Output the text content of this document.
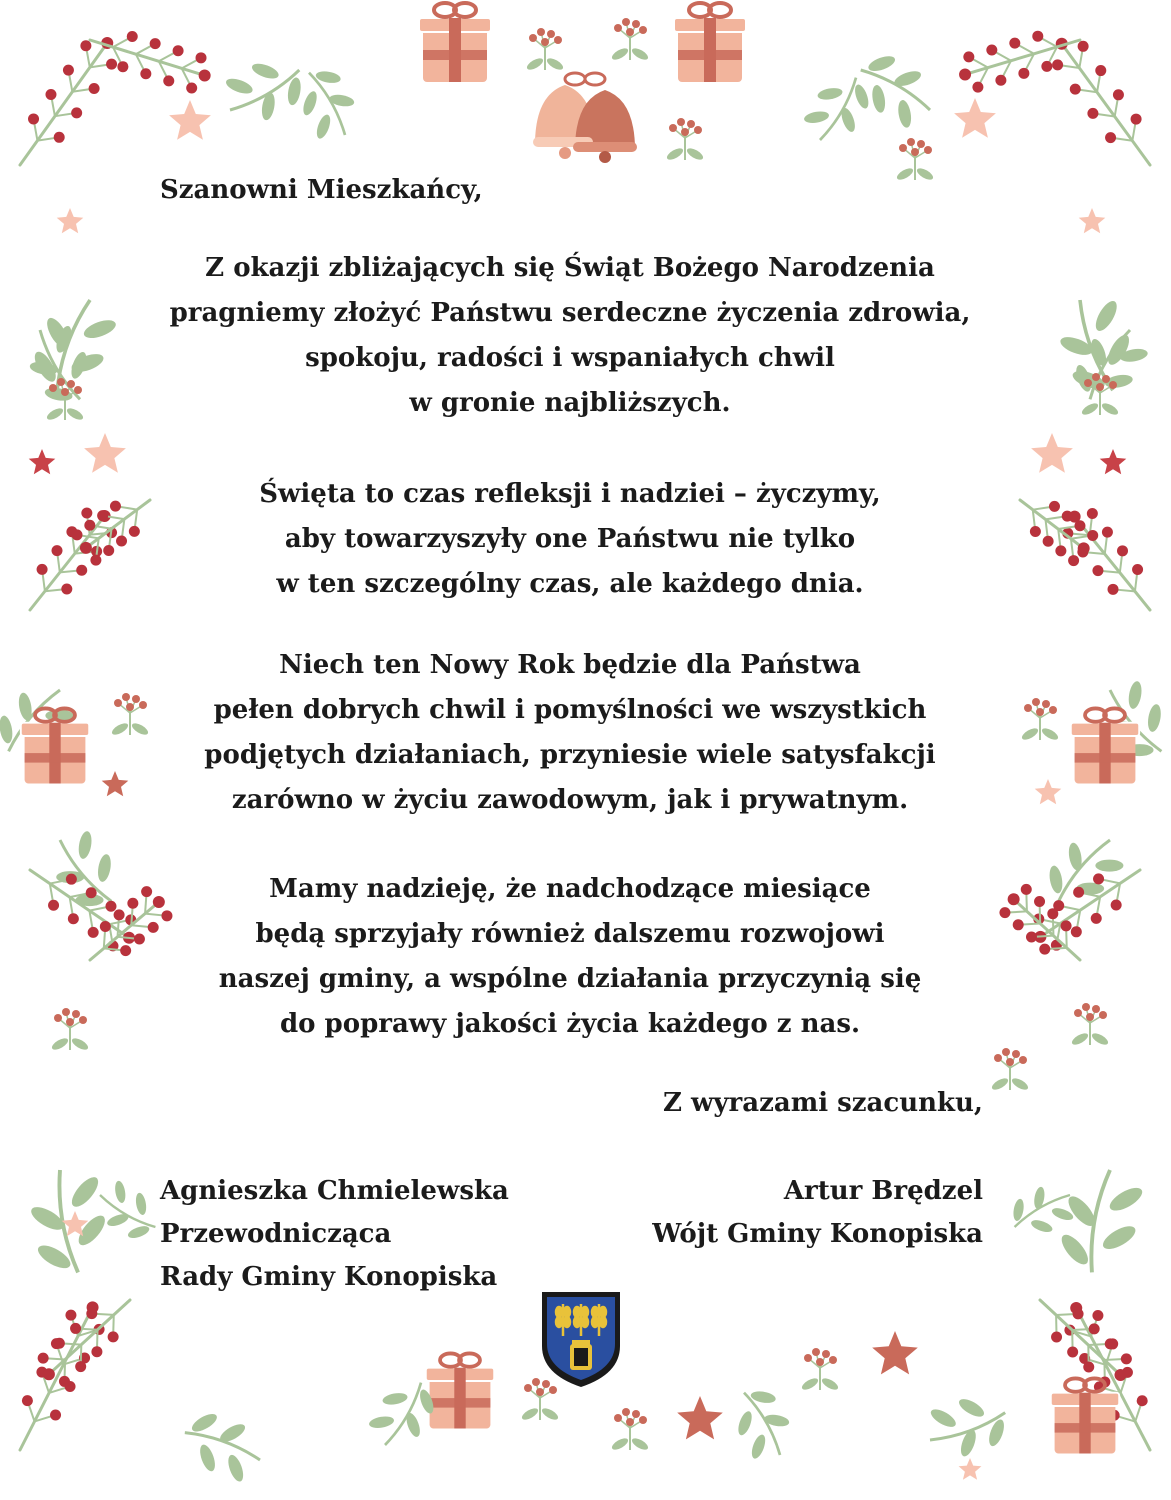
Szanowni Mieszkańcy,
Z okazji zbliżających się Świąt Bożego Narodzenia
pragniemy złożyć Państwu serdeczne życzenia zdrowia,
spokoju, radości i wspaniałych chwil
w gronie najbliższych.
Święta to czas refleksji i nadziei – życzymy,
aby towarzyszyły one Państwu nie tylko
w ten szczególny czas, ale każdego dnia.
Niech ten Nowy Rok będzie dla Państwa
pełen dobrych chwil i pomyślności we wszystkich
podjętych działaniach, przyniesie wiele satysfakcji
zarówno w życiu zawodowym, jak i prywatnym.
Mamy nadzieję, że nadchodzące miesiące
będą sprzyjały również dalszemu rozwojowi
naszej gminy, a wspólne działania przyczynią się
do poprawy jakości życia każdego z nas.
Z wyrazami szacunku,
Agnieszka Chmielewska
Przewodnicząca
Rady Gminy Konopiska
Artur Brędzel
Wójt Gminy Konopiska
